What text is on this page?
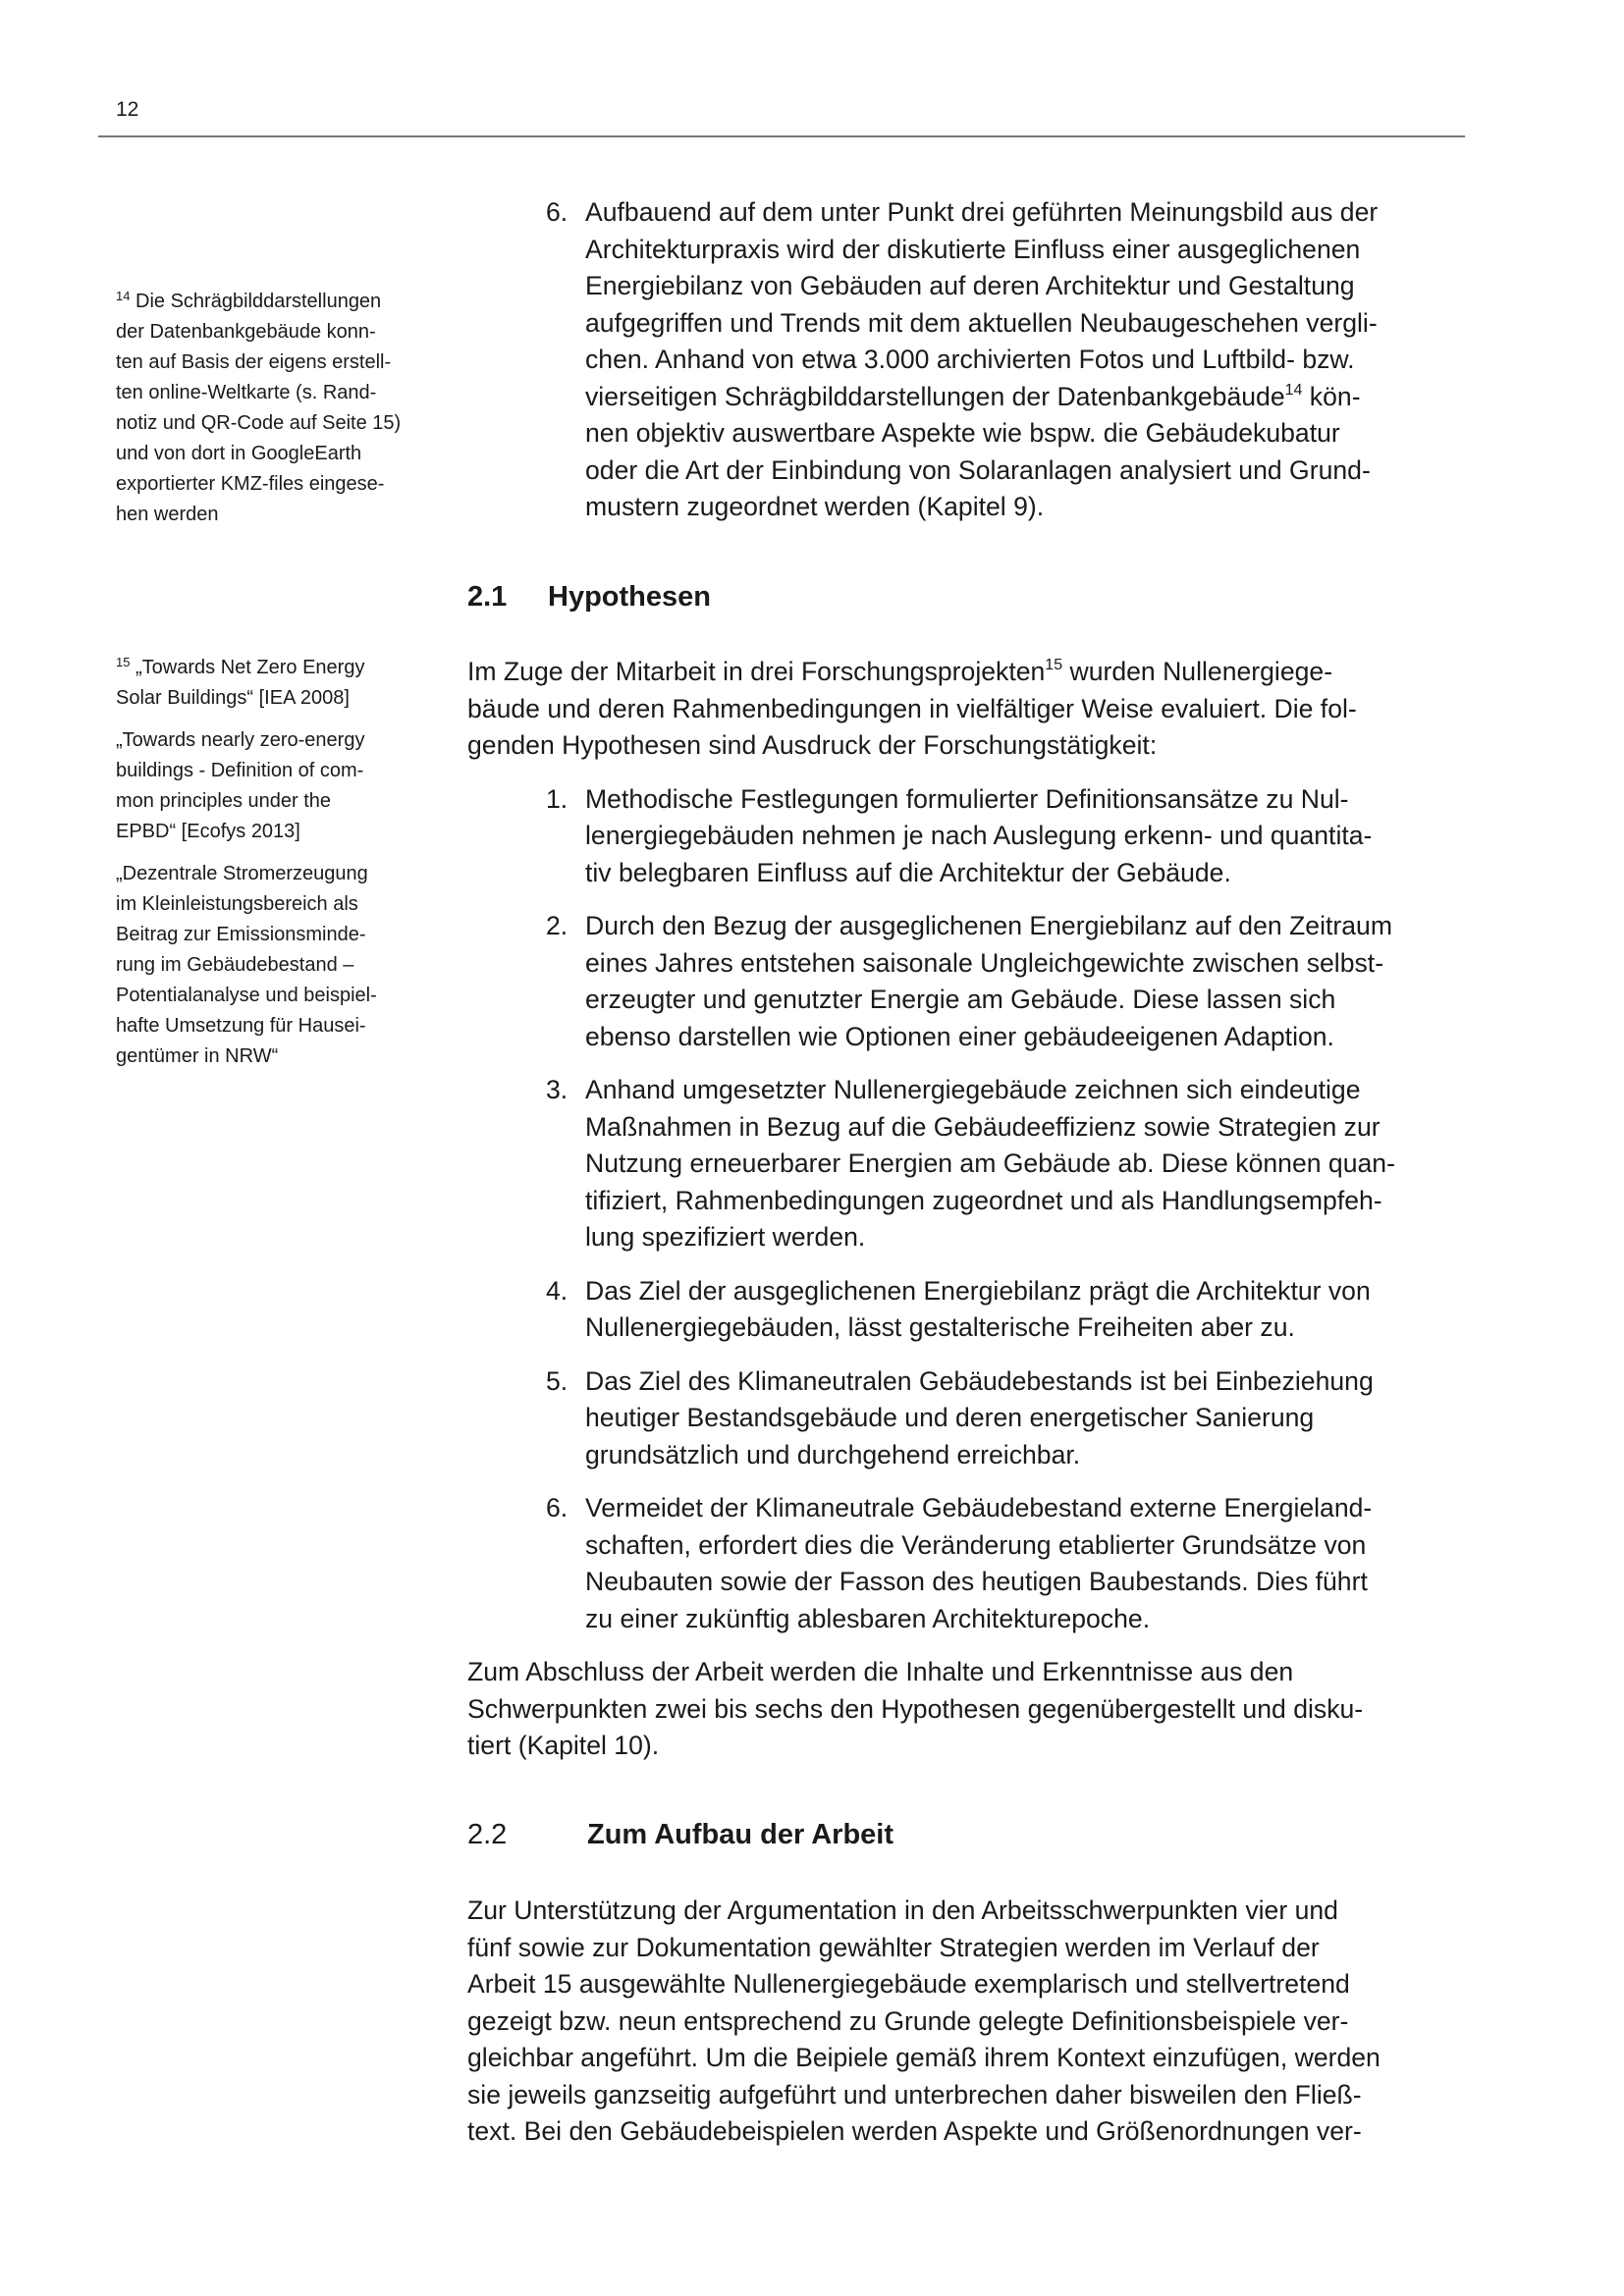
12

$^{14}$ Die Schrägbilddarstellungen
der Datenbankgebäude konn-
ten auf Basis der eigens erstell-
ten online-Weltkarte (s. Rand-
notiz und QR-Code auf Seite 15)
und von dort in GoogleEarth
exportierter KMZ-files eingese-
hen werden

$^{15}$ „Towards Net Zero Energy
Solar Buildings“ [IEA 2008]

„Towards nearly zero-energy
buildings - Definition of com-
mon principles under the
EPBD“ [Ecofys 2013]

„Dezentrale Stromerzeugung
im Kleinleistungsbereich als
Beitrag zur Emissionsminde-
rung im Gebäudebestand –
Potentialanalyse und beispiel-
hafte Umsetzung für Hausei-
gentümer in NRW“

6. Aufbauend auf dem unter Punkt drei geführten Meinungsbild aus der
Architekturpraxis wird der diskutierte Einfluss einer ausgeglichenen
Energiebilanz von Gebäuden auf deren Architektur und Gestaltung
aufgegriffen und Trends mit dem aktuellen Neubaugeschehen vergli-
chen. Anhand von etwa 3.000 archivierten Fotos und Luftbild- bzw.
vierseitigen Schrägbilddarstellungen der Datenbankgebäude$^{14}$ kön-
nen objektiv auswertbare Aspekte wie bspw. die Gebäudekubatur
oder die Art der Einbindung von Solaranlagen analysiert und Grund-
mustern zugeordnet werden (Kapitel 9).
2.1 Hypothesen

Im Zuge der Mitarbeit in drei Forschungsprojekten$^{15}$ wurden Nullenergiege-
bäude und deren Rahmenbedingungen in vielfältiger Weise evaluiert. Die fol-
genden Hypothesen sind Ausdruck der Forschungstätigkeit:

1. Methodische Festlegungen formulierter Definitionsansätze zu Nul-
lenergiegebäuden nehmen je nach Auslegung erkenn- und quantita-
tiv belegbaren Einfluss auf die Architektur der Gebäude.
2. Durch den Bezug der ausgeglichenen Energiebilanz auf den Zeitraum
eines Jahres entstehen saisonale Ungleichgewichte zwischen selbst-
erzeugter und genutzter Energie am Gebäude. Diese lassen sich
ebenso darstellen wie Optionen einer gebäudeeigenen Adaption.
3. Anhand umgesetzter Nullenergiegebäude zeichnen sich eindeutige
Maßnahmen in Bezug auf die Gebäudeeffizienz sowie Strategien zur
Nutzung erneuerbarer Energien am Gebäude ab. Diese können quan-
tifiziert, Rahmenbedingungen zugeordnet und als Handlungsempfeh-
lung spezifiziert werden.
4. Das Ziel der ausgeglichenen Energiebilanz prägt die Architektur von
Nullenergiegebäuden, lässt gestalterische Freiheiten aber zu.
5. Das Ziel des Klimaneutralen Gebäudebestands ist bei Einbeziehung
heutiger Bestandsgebäude und deren energetischer Sanierung
grundsätzlich und durchgehend erreichbar.
6. Vermeidet der Klimaneutrale Gebäudebestand externe Energieland-
schaften, erfordert dies die Veränderung etablierter Grundsätze von
Neubauten sowie der Fasson des heutigen Baubestands. Dies führt
zu einer zukünftig ablesbaren Architekturepoche.

Zum Abschluss der Arbeit werden die Inhalte und Erkenntnisse aus den
Schwerpunkten zwei bis sechs den Hypothesen gegenübergestellt und disku-
tiert (Kapitel 10).

2.2	Zum Aufbau der Arbeit

Zur Unterstützung der Argumentation in den Arbeitsschwerpunkten vier und
fünf sowie zur Dokumentation gewählter Strategien werden im Verlauf der
Arbeit 15 ausgewählte Nullenergiegebäude exemplarisch und stellvertretend
gezeigt bzw. neun entsprechend zu Grunde gelegte Definitionsbeispiele ver-
gleichbar angeführt. Um die Beipiele gemäß ihrem Kontext einzufügen, werden
sie jeweils ganzseitig aufgeführt und unterbrechen daher bisweilen den Fließ-
text. Bei den Gebäudebeispielen werden Aspekte und Größenordnungen ver-
